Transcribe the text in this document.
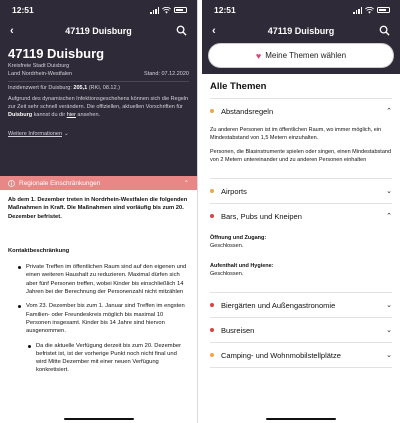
12:51
‹	47119 Duisburg
47119 Duisburg
Kreisfreie Stadt Duisburg
Land Nordrhein-Westfalen	Stand: 07.12.2020
Inzidenzwert für Duisburg: 205,1 (RKI, 08.12.)
Aufgrund des dynamischen Infektionsgeschehens können sich die Regeln zur Zeit sehr schnell verändern. Die offiziellen, aktuellen Vorschriften für Duisburg kannst du dir hier ansehen.
Weitere Informationen ⌄
Regionale Einschränkungen	⌃
Ab dem 1. Dezember treten in Nordrhein-Westfalen die folgenden Maßnahmen in Kraft. Die Maßnahmen sind vorläufig bis zum 20. Dezember befristet.
Kontaktbeschränkung
Private Treffen im öffentlichen Raum sind auf den eigenen und einen weiteren Haushalt zu reduzieren. Maximal dürfen sich aber fünf Personen treffen, wobei Kinder bis einschließlich 14 Jahren bei der Berechnung der Personenzahl nicht mitzählen
Vom 23. Dezember bis zum 1. Januar sind Treffen im engsten Familien- oder Freundeskreis möglich bis maximal 10 Personen insgesamt. Kinder bis 14 Jahre sind hiervon ausgenommen.
Da die aktuelle Verfügung derzeit bis zum 20. Dezember befristet ist, ist der vorherige Punkt noch nicht final und wird Mitte Dezember mit einer neuen Verfügung konkretisiert.
12:51
‹	47119 Duisburg
♥ Meine Themen wählen
Alle Themen
Abstandsregeln	⌃

Zu anderen Personen ist im öffentlichen Raum, wo immer möglich, ein Mindestabstand von 1,5 Metern einzuhalten.

Personen, die Blasinstrumente spielen oder singen, einen Mindestabstand von 2 Metern untereinander und zu anderen Personen einhalten

Airports	⌄
Bars, Pubs und Kneipen	⌃
Öffnung und Zugang:

Geschlossen.

Aufenthalt und Hygiene:

Geschlossen.

Biergärten und Außengastronomie	⌄
Busreisen	⌄
Camping- und Wohnmobilstellplätze	⌄
